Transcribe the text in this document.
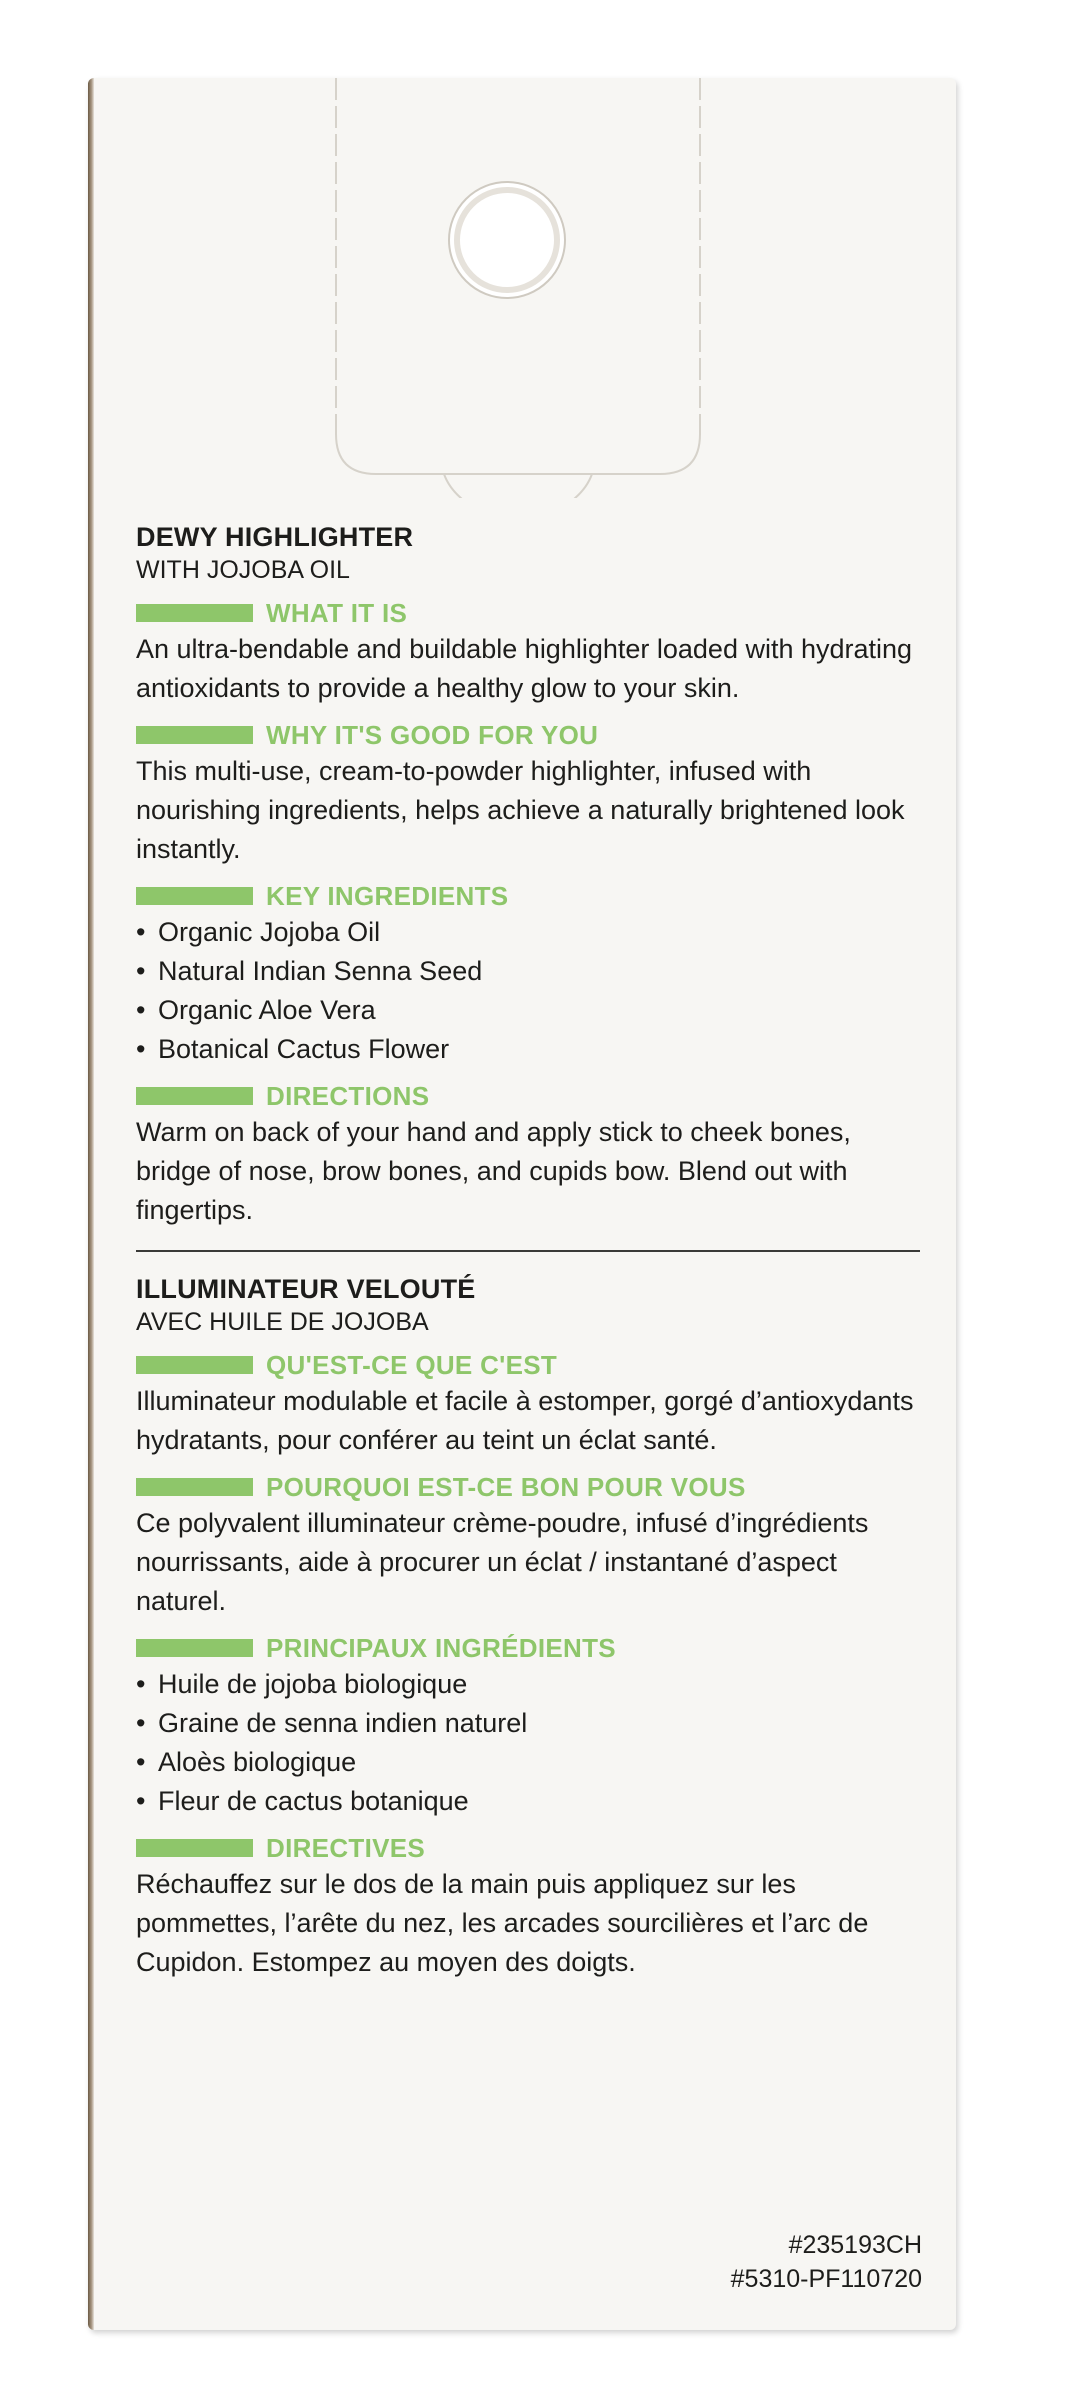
DEWY HIGHLIGHTER
WITH JOJOBA OIL
WHAT IT IS
An ultra-bendable and buildable highlighter loaded with hydrating antioxidants to provide a healthy glow to your skin.
WHY IT'S GOOD FOR YOU
This multi-use, cream-to-powder highlighter, infused with nourishing ingredients, helps achieve a naturally brightened look instantly.
KEY INGREDIENTS
• Organic Jojoba Oil
• Natural Indian Senna Seed
• Organic Aloe Vera
• Botanical Cactus Flower
DIRECTIONS
Warm on back of your hand and apply stick to cheek bones, bridge of nose, brow bones, and cupids bow. Blend out with fingertips.
ILLUMINATEUR VELOUTÉ
AVEC HUILE DE JOJOBA
QU'EST-CE QUE C'EST
Illuminateur modulable et facile à estomper, gorgé d’antioxydants hydratants, pour conférer au teint un éclat santé.
POURQUOI EST-CE BON POUR VOUS
Ce polyvalent illuminateur crème-poudre, infusé d’ingrédients nourrissants, aide à procurer un éclat / instantané d’aspect naturel.
PRINCIPAUX INGRÉDIENTS
• Huile de jojoba biologique
• Graine de senna indien naturel
• Aloès biologique
• Fleur de cactus botanique
DIRECTIVES
Réchauffez sur le dos de la main puis appliquez sur les pommettes, l’arête du nez, les arcades sourcilières et l’arc de Cupidon. Estompez au moyen des doigts.
#235193CH
#5310-PF110720
